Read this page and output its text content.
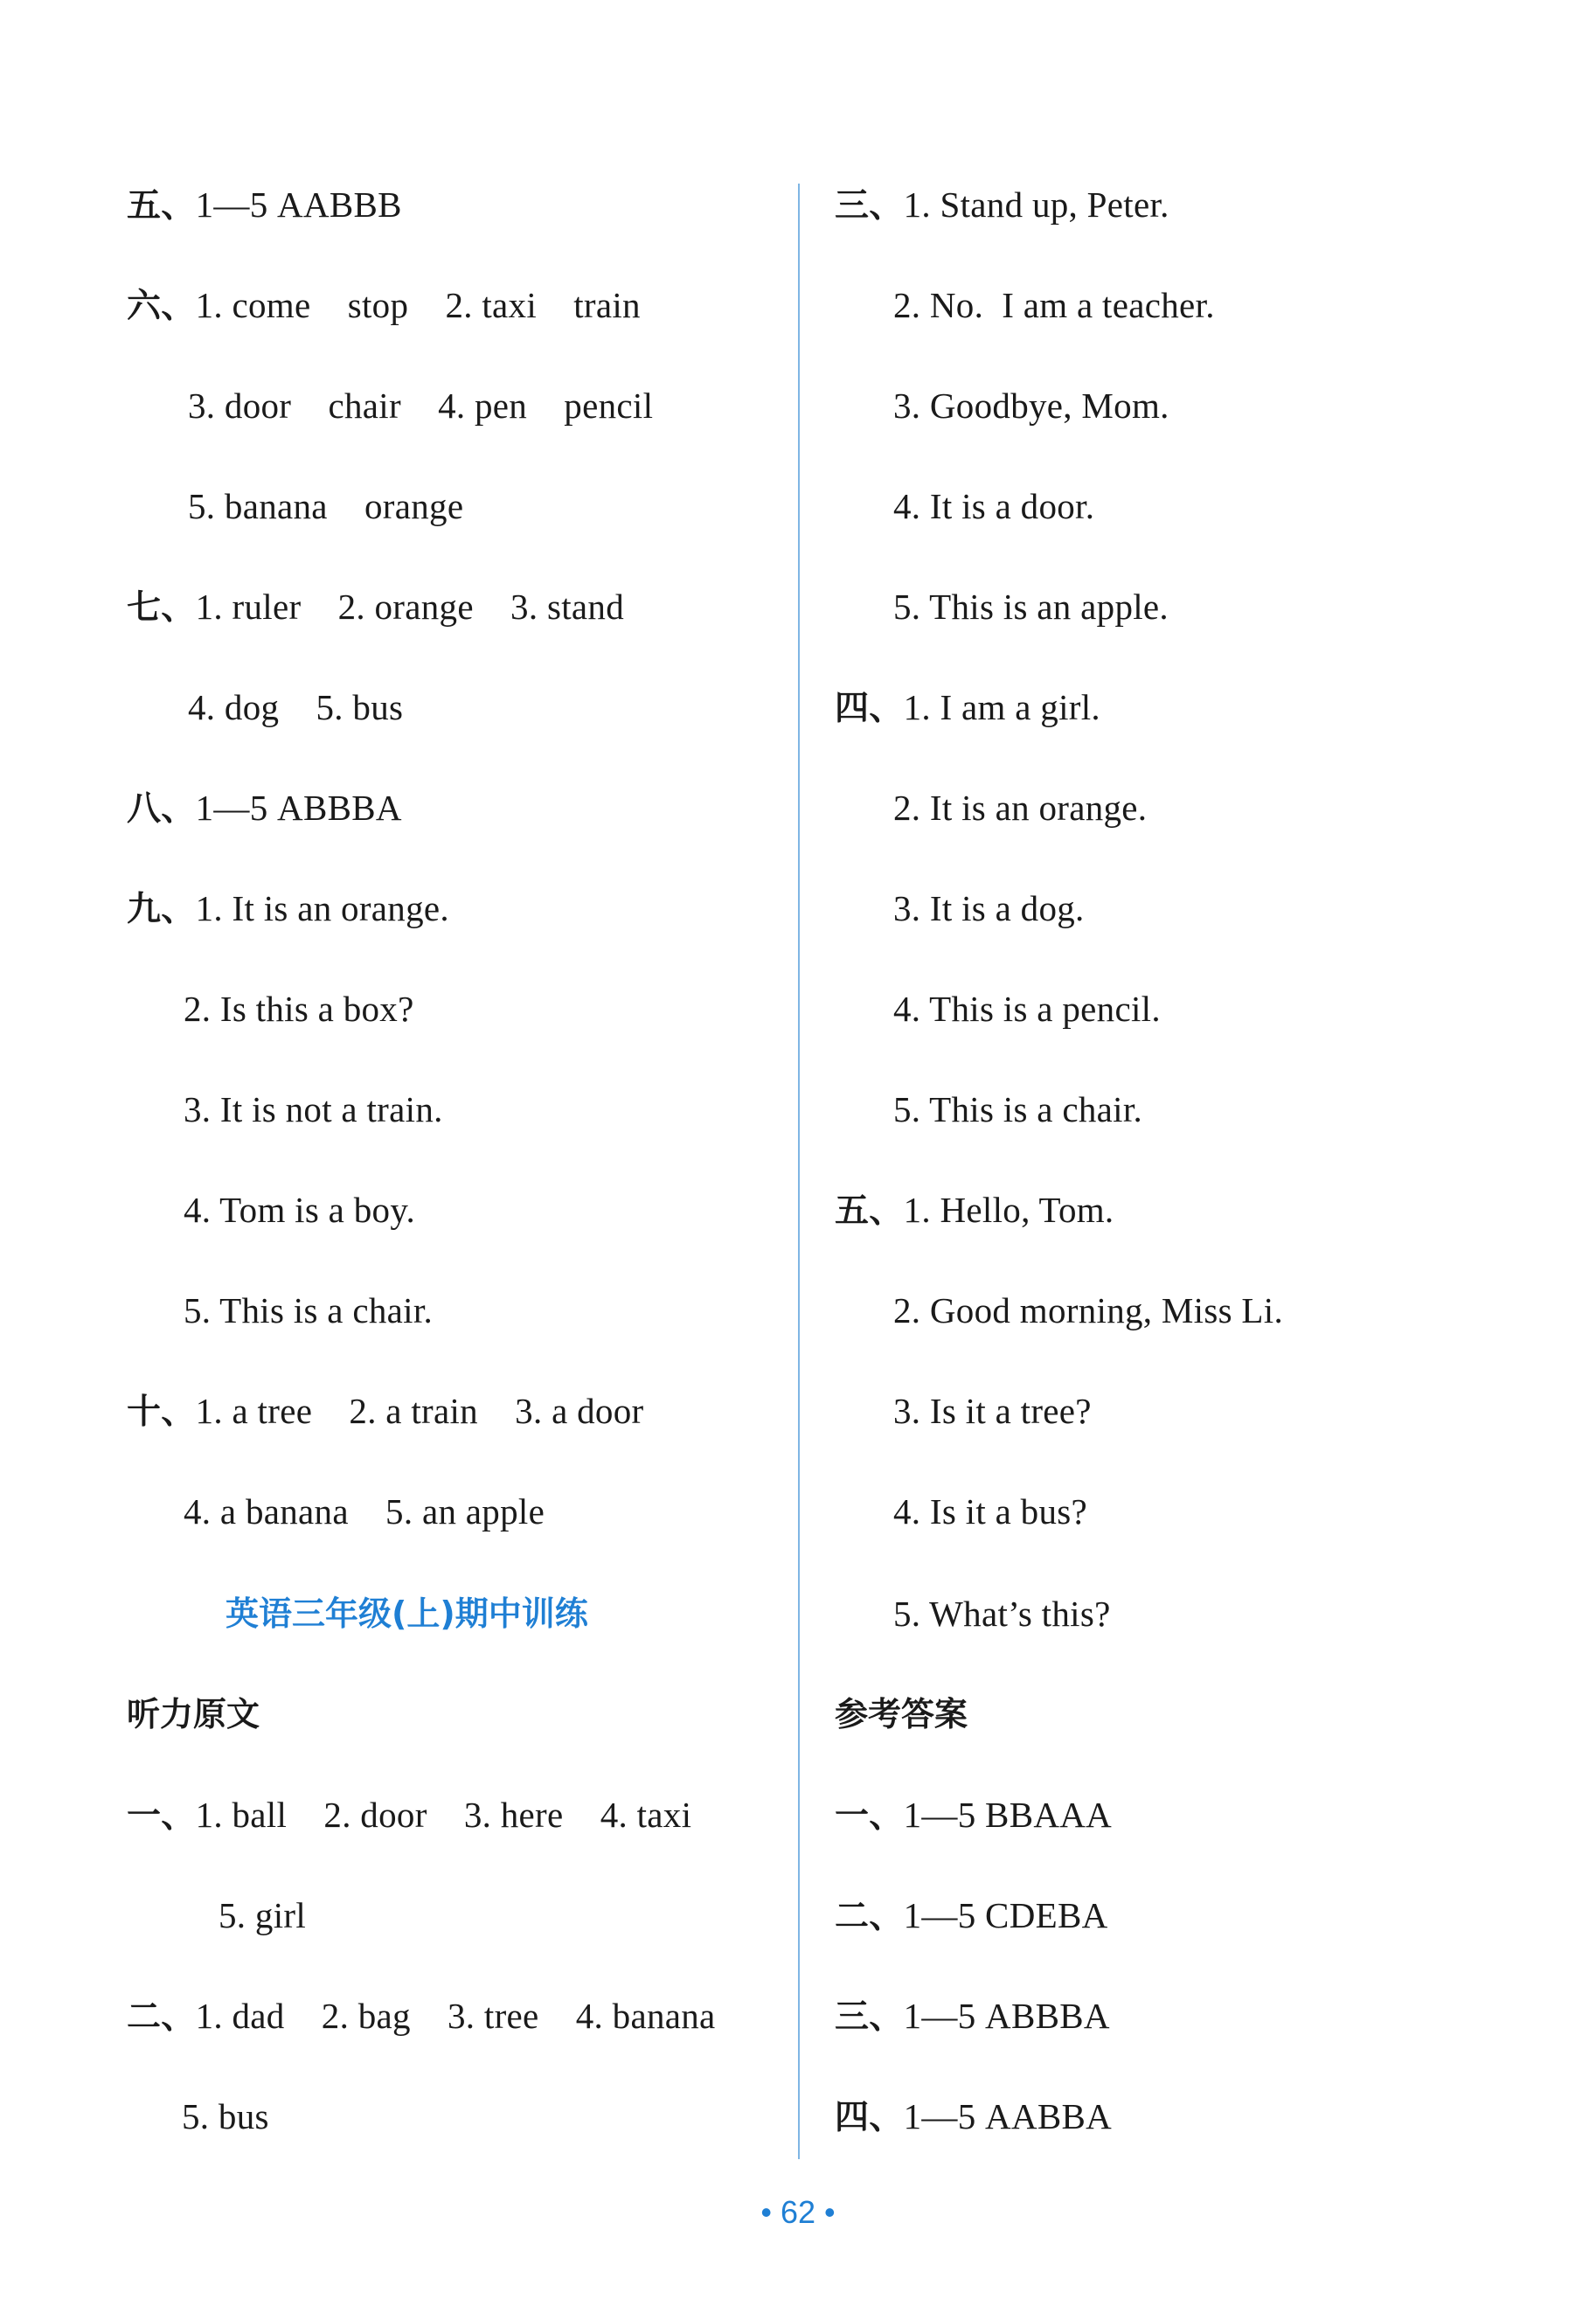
五、1—5 AABBB
六、1. come    stop    2. taxi    train
3. door    chair    4. pen    pencil
5. banana    orange
七、1. ruler    2. orange    3. stand
4. dog    5. bus
八、1—5 ABBBA
九、1. It is an orange.
2. Is this a box?
3. It is not a train.
4. Tom is a boy.
5. This is a chair.
十、1. a tree    2. a train    3. a door
4. a banana    5. an apple
英语三年级(上)期中训练
听力原文
一、1. ball    2. door    3. here    4. taxi
5. girl
二、1. dad    2. bag    3. tree    4. banana
5. bus
三、1. Stand up, Peter.
2. No.  I am a teacher.
3. Goodbye, Mom.
4. It is a door.
5. This is an apple.
四、1. I am a girl.
2. It is an orange.
3. It is a dog.
4. This is a pencil.
5. This is a chair.
五、1. Hello, Tom.
2. Good morning, Miss Li.
3. Is it a tree?
4. Is it a bus?
5. What’s this?
参考答案
一、1—5 BBAAA
二、1—5 CDEBA
三、1—5 ABBBA
四、1—5 AABBA
• 62 •
